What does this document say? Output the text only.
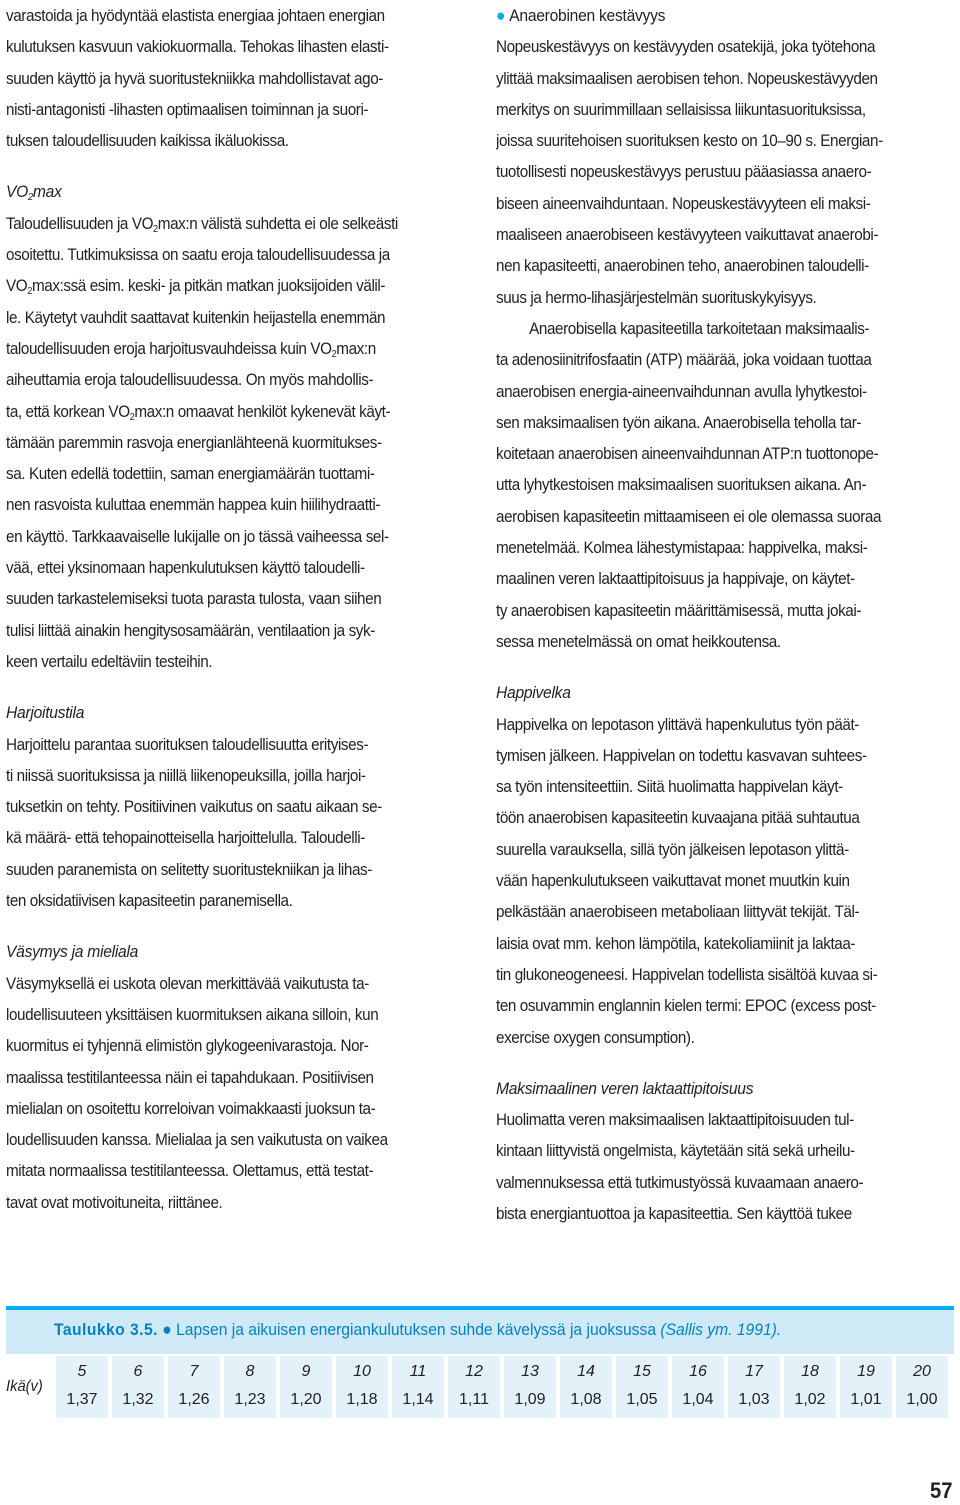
varastoida ja hyödyntää elastista energiaa johtaen energian
kulutuksen kasvuun vakiokuormalla. Tehokas lihasten elasti-
suuden käyttö ja hyvä suoritustekniikka mahdollistavat ago-
nisti-antagonisti -lihasten optimaalisen toiminnan ja suori-
tuksen taloudellisuuden kaikissa ikäluokissa.
$VO_2\max$
Taloudellisuuden ja $VO_2\max:n$ välistä suhdetta ei ole selkeästi
osoitettu. Tutkimuksissa on saatu eroja taloudellisuudessa ja
$VO_2\max:ssä$ esim. keski- ja pitkän matkan juoksijoiden välil-
le. Käytetyt vauhdit saattavat kuitenkin heijastella enemmän
taloudellisuuden eroja harjoitusvauhdeissa kuin $VO_2\max:n$
aiheuttamia eroja taloudellisuudessa. On myös mahdollis-
ta, että korkean $VO_2\max:n$ omaavat henkilöt kykenevät käyt-
tämään paremmin rasvoja energianlähteenä kuormitukses-
sa. Kuten edellä todettiin, saman energiamäärän tuottami-
nen rasvoista kuluttaa enemmän happea kuin hiilihydraatti-
en käyttö. Tarkkaavaiselle lukijalle on jo tässä vaiheessa sel-
vää, ettei yksinomaan hapenkulutuksen käyttö taloudelli-
suuden tarkastelemiseksi tuota parasta tulosta, vaan siihen
tulisi liittää ainakin hengitysosamäärän, ventilaation ja syk-
keen vertailu edeltäviin testeihin.
Harjoitustila
Harjoittelu parantaa suorituksen taloudellisuutta erityises-
ti niissä suorituksissa ja niillä liikenopeuksilla, joilla harjoi-
tuksetkin on tehty. Positiivinen vaikutus on saatu aikaan se-
kä määrä- että tehopainotteisella harjoittelulla. Taloudelli-
suuden paranemista on selitetty suoritustekniikan ja lihas-
ten oksidatiivisen kapasiteetin paranemisella.
Väsymys ja mieliala
Väsymyksellä ei uskota olevan merkittävää vaikutusta ta-
loudellisuuteen yksittäisen kuormituksen aikana silloin, kun
kuormitus ei tyhjennä elimistön glykogeenivarastoja. Nor-
maalissa testitilanteessa näin ei tapahdukaan. Positiivisen
mielialan on osoitettu korreloivan voimakkaasti juoksun ta-
loudellisuuden kanssa. Mielialaa ja sen vaikutusta on vaikea
mitata normaalissa testitilanteessa. Olettamus, että testat-
tavat ovat motivoituneita, riittänee.
● Anaerobinen kestävyys
Nopeuskestävyys on kestävyyden osatekijä, joka työtehona
ylittää maksimaalisen aerobisen tehon. Nopeuskestävyyden
merkitys on suurimmillaan sellaisissa liikuntasuorituksissa,
joissa suuritehoisen suorituksen kesto on 10–90 s. Energian-
tuotollisesti nopeuskestävyys perustuu pääasiassa anaero-
biseen aineenvaihduntaan. Nopeuskestävyyteen eli maksi-
maaliseen anaerobiseen kestävyyteen vaikuttavat anaerobi-
nen kapasiteetti, anaerobinen teho, anaerobinen taloudelli-
suus ja hermo-lihasjärjestelmän suorituskykyisyys.
Anaerobisella kapasiteetilla tarkoitetaan maksimaalis-
ta adenosiinitrifosfaatin (ATP) määrää, joka voidaan tuottaa
anaerobisen energia-aineenvaihdunnan avulla lyhytkestoi-
sen maksimaalisen työn aikana. Anaerobisella teholla tar-
koitetaan anaerobisen aineenvaihdunnan ATP:n tuottonope-
utta lyhytkestoisen maksimaalisen suorituksen aikana. An-
aerobisen kapasiteetin mittaamiseen ei ole olemassa suoraa
menetelmää. Kolmea lähestymistapaa: happivelka, maksi-
maalinen veren laktaattipitoisuus ja happivaje, on käytet-
ty anaerobisen kapasiteetin määrittämisessä, mutta jokai-
sessa menetelmässä on omat heikkoutensa.
Happivelka
Happivelka on lepotason ylittävä hapenkulutus työn päät-
tymisen jälkeen. Happivelan on todettu kasvavan suhtees-
sa työn intensiteettiin. Siitä huolimatta happivelan käyt-
töön anaerobisen kapasiteetin kuvaajana pitää suhtautua
suurella varauksella, sillä työn jälkeisen lepotason ylittä-
vään hapenkulutukseen vaikuttavat monet muutkin kuin
pelkästään anaerobiseen metaboliaan liittyvät tekijät. Täl-
laisia ovat mm. kehon lämpötila, katekoliamiinit ja laktaa-
tin glukoneogeneesi. Happivelan todellista sisältöä kuvaa si-
ten osuvammin englannin kielen termi: EPOC (excess post-
exercise oxygen consumption).
Maksimaalinen veren laktaattipitoisuus
Huolimatta veren maksimaalisen laktaattipitoisuuden tul-
kintaan liittyvistä ongelmista, käytetään sitä sekä urheilu-
valmennuksessa että tutkimustyössä kuvaamaan anaero-
bista energiantuottoa ja kapasiteettia. Sen käyttöä tukee
Taulukko 3.5. ● Lapsen ja aikuisen energiankulutuksen suhde kävelyssä ja juoksussa (Sallis ym. 1991).
Ikä(v)
5
1,37
6
1,32
7
1,26
8
1,23
9
1,20
10
1,18
11
1,14
12
1,11
13
1,09
14
1,08
15
1,05
16
1,04
17
1,03
18
1,02
19
1,01
20
1,00
57
